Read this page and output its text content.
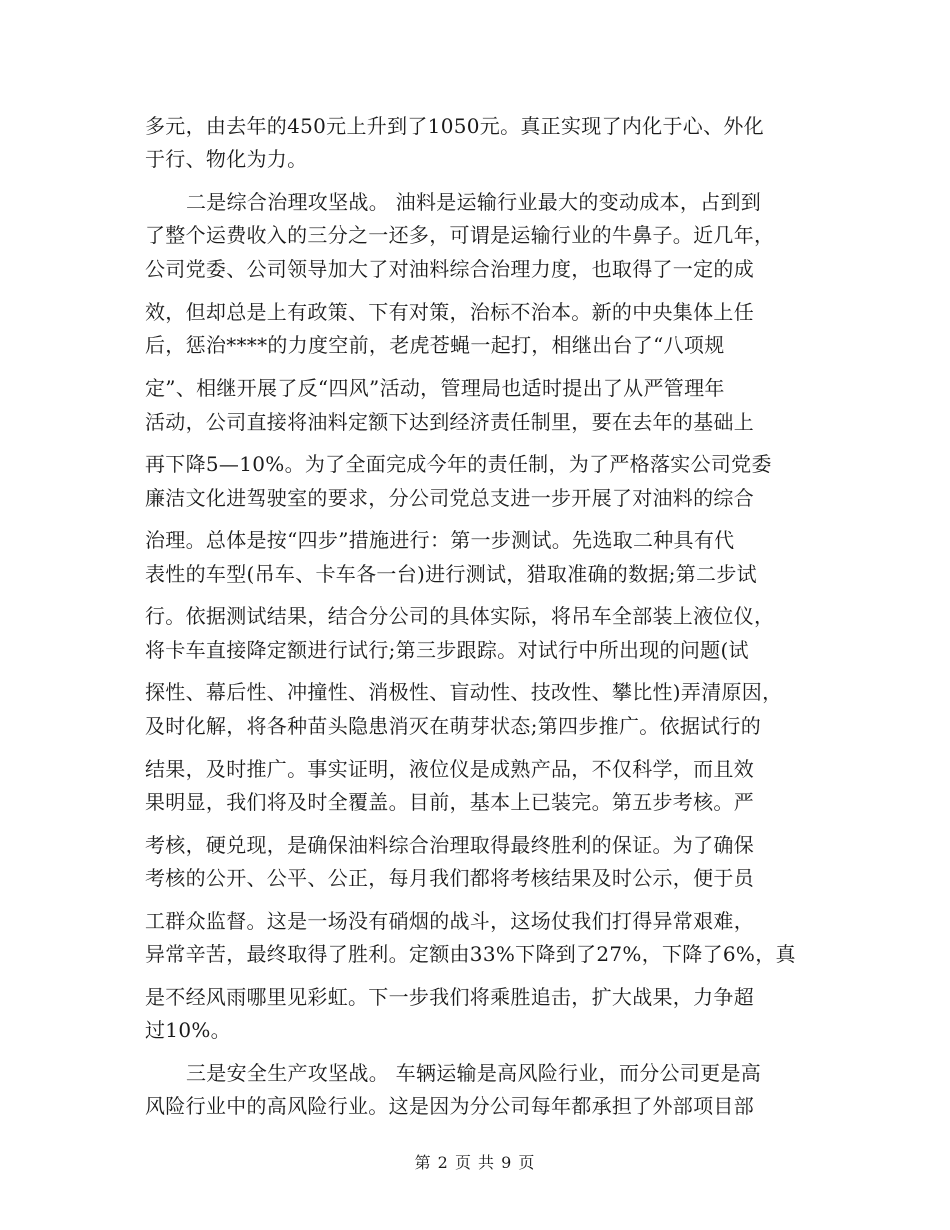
多元，由去年的450元上升到了1050元。真正实现了内化于心、外化
于行、物化为力。
二是综合治理攻坚战。 油料是运输行业最大的变动成本，占到到
了整个运费收入的三分之一还多，可谓是运输行业的牛鼻子。近几年，
公司党委、公司领导加大了对油料综合治理力度，也取得了一定的成
效，但却总是上有政策、下有对策，治标不治本。新的中央集体上任
后，惩治****的力度空前，老虎苍蝇一起打，相继出台了“八项规
定”、相继开展了反“四风”活动，管理局也适时提出了从严管理年
活动，公司直接将油料定额下达到经济责任制里，要在去年的基础上
再下降5—10%。为了全面完成今年的责任制，为了严格落实公司党委
廉洁文化进驾驶室的要求，分公司党总支进一步开展了对油料的综合
治理。总体是按“四步”措施进行：第一步测试。先选取二种具有代
表性的车型(吊车、卡车各一台)进行测试，猎取准确的数据;第二步试
行。依据测试结果，结合分公司的具体实际，将吊车全部装上液位仪，
将卡车直接降定额进行试行;第三步跟踪。对试行中所出现的问题(试
探性、幕后性、冲撞性、消极性、盲动性、技改性、攀比性)弄清原因，
及时化解，将各种苗头隐患消灭在萌芽状态;第四步推广。依据试行的
结果，及时推广。事实证明，液位仪是成熟产品，不仅科学，而且效
果明显，我们将及时全覆盖。目前，基本上已装完。第五步考核。严
考核，硬兑现，是确保油料综合治理取得最终胜利的保证。为了确保
考核的公开、公平、公正，每月我们都将考核结果及时公示，便于员
工群众监督。这是一场没有硝烟的战斗，这场仗我们打得异常艰难，
异常辛苦，最终取得了胜利。定额由33%下降到了27%，下降了6%，真
是不经风雨哪里见彩虹。下一步我们将乘胜追击，扩大战果，力争超
过10%。
三是安全生产攻坚战。 车辆运输是高风险行业，而分公司更是高
风险行业中的高风险行业。这是因为分公司每年都承担了外部项目部
第 2 页 共 9 页
